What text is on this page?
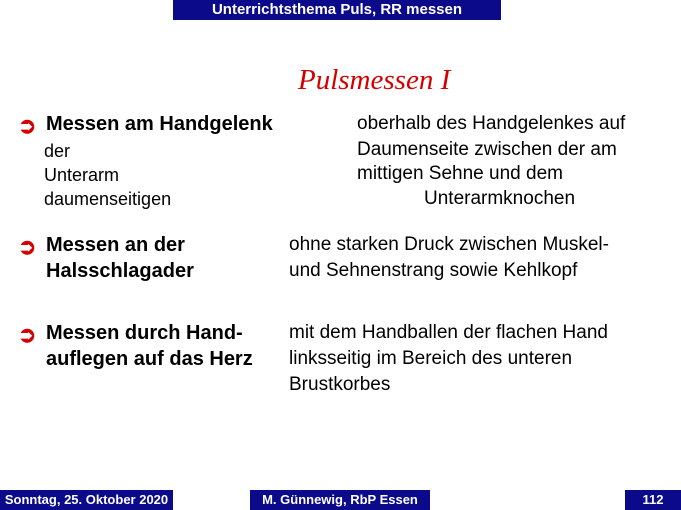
Unterrichtsthema Puls, RR messen
Pulsmessen I
➲ Messen am Handgelenk
der
Unterarm
daumenseitigen
oberhalb des Handgelenkes auf
Daumenseite zwischen der am
mittigen Sehne und dem
Unterarmknochen
➲ Messen an der
Halsschlagader
ohne starken Druck zwischen Muskel-
und Sehnenstrang sowie Kehlkopf
➲ Messen durch Hand-
auflegen auf das Herz
mit dem Handballen der flachen Hand
linksseitig im Bereich des unteren
Brustkorbes
Sonntag, 25. Oktober 2020	M. Günnewig, RbP Essen	112
